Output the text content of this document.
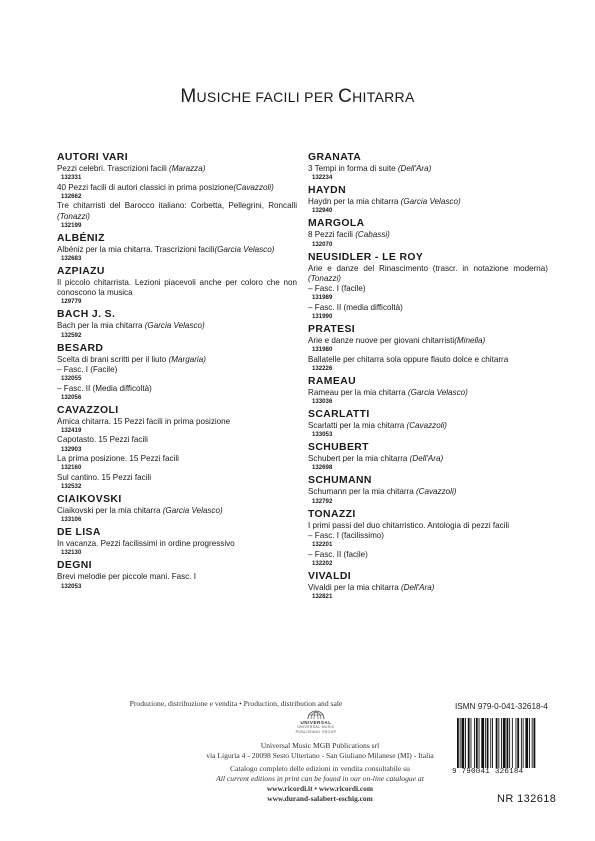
MUSICHE FACILI PER CHITARRA
AUTORI VARI
Pezzi celebri. Trascrizioni facili (Marazza)
132331
40 Pezzi facili di autori classici in prima posizione(Cavazzoli)
132662
Tre chitarristi del Barocco italiano: Corbetta, Pellegrini, Roncalli (Tonazzi)
132199
ALBÉNIZ
Albéniz per la mia chitarra. Trascrizioni facili(Garcia Velasco)
132683
AZPIAZU
Il piccolo chitarrista. Lezioni piacevoli anche per coloro che non conoscono la musica
129779
BACH J. S.
Bach per la mia chitarra (Garcia Velasco)
132592
BESARD
Scelta di brani scritti per il liuto (Margaria)
– Fasc. I (Facile)
132055
– Fasc. II (Media difficoltà)
132056
CAVAZZOLI
Amica chitarra. 15 Pezzi facili in prima posizione
132419
Capotasto. 15 Pezzi facili
132903
La prima posizione. 15 Pezzi facili
132160
Sul cantino. 15 Pezzi facili
132532
CIAIKOVSKI
Ciaikovski per la mia chitarra (Garcia Velasco)
133106
DE LISA
In vacanza. Pezzi facilissimi in ordine progressivo
132130
DEGNI
Brevi melodie per piccole mani. Fasc. I
132053
GRANATA
3 Tempi in forma di suite (Dell'Ara)
132234
HAYDN
Haydn per la mia chitarra (Garcia Velasco)
132940
MARGOLA
8 Pezzi facili (Cabassi)
132070
NEUSIDLER - LE ROY
Arie e danze del Rinascimento (trascr. in notazione moderna) (Tonazzi)
– Fasc. I (facile)
131989
– Fasc. II (media difficoltà)
131990
PRATESI
Arie e danze nuove per giovani chitarristi(Minella)
131980
Ballatelle per chitarra sola oppure flauto dolce e chitarra
132226
RAMEAU
Rameau per la mia chitarra (Garcia Velasco)
133036
SCARLATTI
Scarlatti per la mia chitarra (Cavazzoli)
133053
SCHUBERT
Schubert per la mia chitarra (Dell'Ara)
132698
SCHUMANN
Schumann per la mia chitarra (Cavazzoli)
132792
TONAZZI
I primi passi del duo chitarristico. Antologia di pezzi facili
– Fasc. I (facilissimo)
132201
– Fasc. II (facile)
132202
VIVALDI
Vivaldi per la mia chitarra (Dell'Ara)
132821
Produzione, distribuzione e vendita • Production, distribution and sale
UNIVERSAL
UNIVERSAL MUSIC
PUBLISHING GROUP
Universal Music MGB Publications srl
via Liguria 4 - 20098 Sesto Ulteriano - San Giuliano Milanese (MI) - Italia
Catalogo completo delle edizioni in vendita consultabile su
All current editions in print can be found in our on-line catalogue at
www.ricordi.it • www.ricordi.com
www.durand-salabert-eschig.com
ISMN 979-0-041-32618-4
9 790041 326184
NR 132618
